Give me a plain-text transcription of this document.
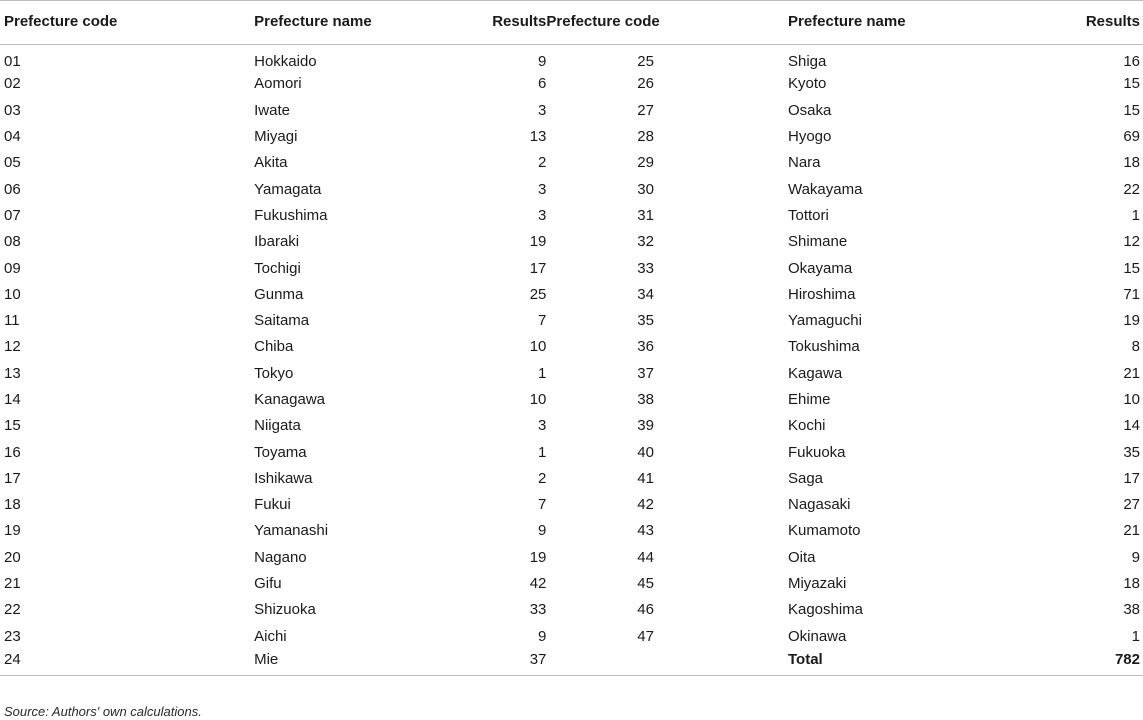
Prefecture code	Prefecture name	Results	Prefecture code	Prefecture name	Results
01	Hokkaido	9	25	Shiga	16
02	Aomori	6	26	Kyoto	15
03	Iwate	3	27	Osaka	15
04	Miyagi	13	28	Hyogo	69
05	Akita	2	29	Nara	18
06	Yamagata	3	30	Wakayama	22
07	Fukushima	3	31	Tottori	1
08	Ibaraki	19	32	Shimane	12
09	Tochigi	17	33	Okayama	15
10	Gunma	25	34	Hiroshima	71
11	Saitama	7	35	Yamaguchi	19
12	Chiba	10	36	Tokushima	8
13	Tokyo	1	37	Kagawa	21
14	Kanagawa	10	38	Ehime	10
15	Niigata	3	39	Kochi	14
16	Toyama	1	40	Fukuoka	35
17	Ishikawa	2	41	Saga	17
18	Fukui	7	42	Nagasaki	27
19	Yamanashi	9	43	Kumamoto	21
20	Nagano	19	44	Oita	9
21	Gifu	42	45	Miyazaki	18
22	Shizuoka	33	46	Kagoshima	38
23	Aichi	9	47	Okinawa	1
24	Mie	37		Total	782
Source: Authors' own calculations.
